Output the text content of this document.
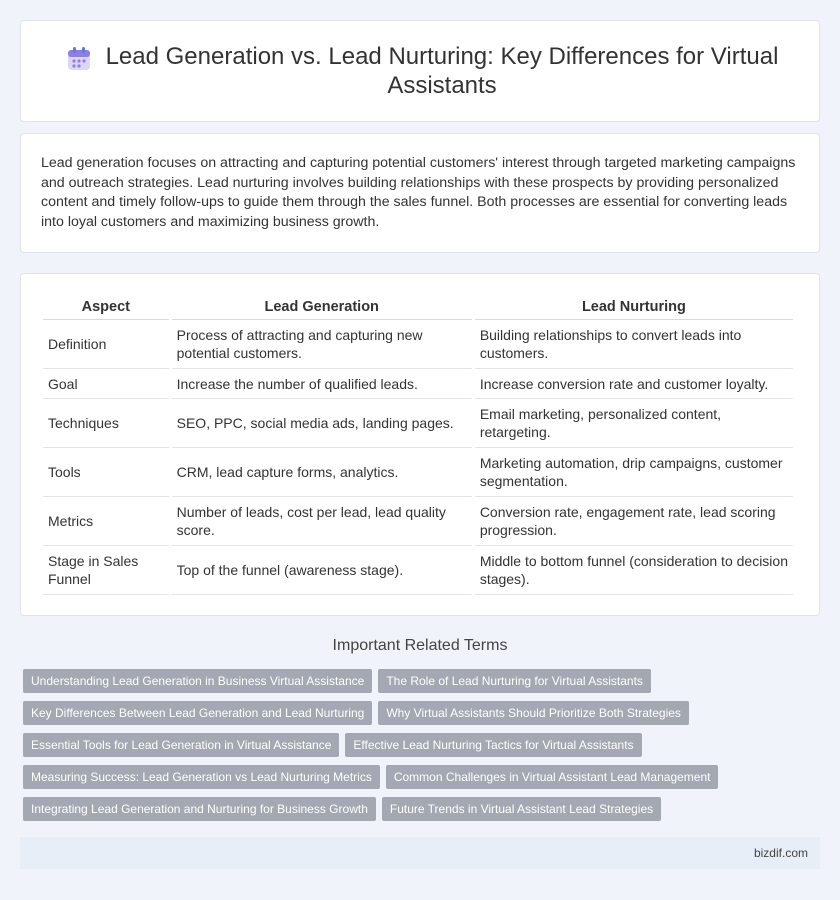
Lead Generation vs. Lead Nurturing: Key Differences for Virtual Assistants

Lead generation focuses on attracting and capturing potential customers' interest through targeted marketing campaigns and outreach strategies. Lead nurturing involves building relationships with these prospects by providing personalized content and timely follow-ups to guide them through the sales funnel. Both processes are essential for converting leads into loyal customers and maximizing business growth.

Aspect	Lead Generation	Lead Nurturing
Definition	Process of attracting and capturing new potential customers.	Building relationships to convert leads into customers.
Goal	Increase the number of qualified leads.	Increase conversion rate and customer loyalty.
Techniques	SEO, PPC, social media ads, landing pages.	Email marketing, personalized content, retargeting.
Tools	CRM, lead capture forms, analytics.	Marketing automation, drip campaigns, customer segmentation.
Metrics	Number of leads, cost per lead, lead quality score.	Conversion rate, engagement rate, lead scoring progression.
Stage in Sales Funnel	Top of the funnel (awareness stage).	Middle to bottom funnel (consideration to decision stages).
Important Related Terms
Understanding Lead Generation in Business Virtual Assistance	The Role of Lead Nurturing for Virtual Assistants
Key Differences Between Lead Generation and Lead Nurturing	Why Virtual Assistants Should Prioritize Both Strategies
Essential Tools for Lead Generation in Virtual Assistance	Effective Lead Nurturing Tactics for Virtual Assistants
Measuring Success: Lead Generation vs Lead Nurturing Metrics	Common Challenges in Virtual Assistant Lead Management
Integrating Lead Generation and Nurturing for Business Growth	Future Trends in Virtual Assistant Lead Strategies
bizdif.com
